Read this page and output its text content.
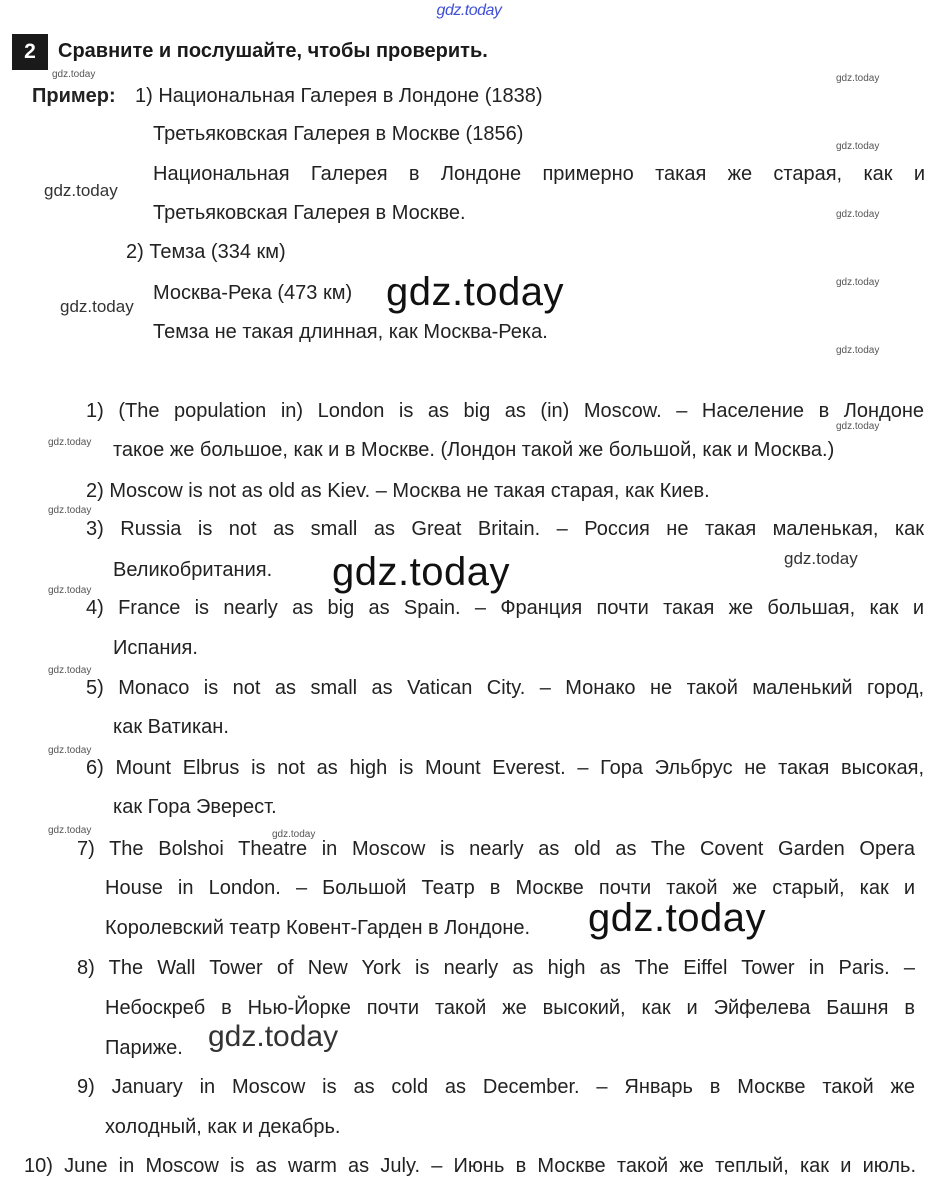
gdz.today
gdz.today	gdz.today
gdz.today
gdz.today
gdz.today
gdz.today
gdz.today
gdz.today
gdz.today
gdz.today
gdz.today
gdz.today
gdz.today
gdz.today
gdz.today
gdz.today
gdz.today
gdz.today	gdz.today
gdz.today
gdz.today
2	Сравните и послушайте, чтобы проверить.
Пример: 1) Национальная Галерея в Лондоне (1838)
Третьяковская Галерея в Москве (1856)
Национальная Галерея в Лондоне примерно такая же старая, как и
Третьяковская Галерея в Москве.
2) Темза (334 км)
Москва-Река (473 км)
Темза не такая длинная, как Москва-Река.
1) (The population in) London is as big as (in) Moscow. – Население в Лондоне
такое же большое, как и в Москве. (Лондон такой же большой, как и Москва.)
2) Moscow is not as old as Kiev. – Москва не такая старая, как Киев.
3) Russia is not as small as Great Britain. – Россия не такая маленькая, как
Великобритания.
4) France is nearly as big as Spain. – Франция почти такая же большая, как и
Испания.
5) Monaco is not as small as Vatican City. – Монако не такой маленький город,
как Ватикан.
6) Mount Elbrus is not as high is Mount Everest. – Гора Эльбрус не такая высокая,
как Гора Эверест.
7) The Bolshoi Theatre in Moscow is nearly as old as The Covent Garden Opera
House in London. – Большой Театр в Москве почти такой же старый, как и
Королевский театр Ковент-Гарден в Лондоне.
8) The Wall Tower of New York is nearly as high as The Eiffel Tower in Paris. –
Небоскреб в Нью-Йорке почти такой же высокий, как и Эйфелева Башня в
Париже.
9) January in Moscow is as cold as December. – Январь в Москве такой же
холодный, как и декабрь.
10) June in Moscow is as warm as July. – Июнь в Москве такой же теплый, как и июль.
